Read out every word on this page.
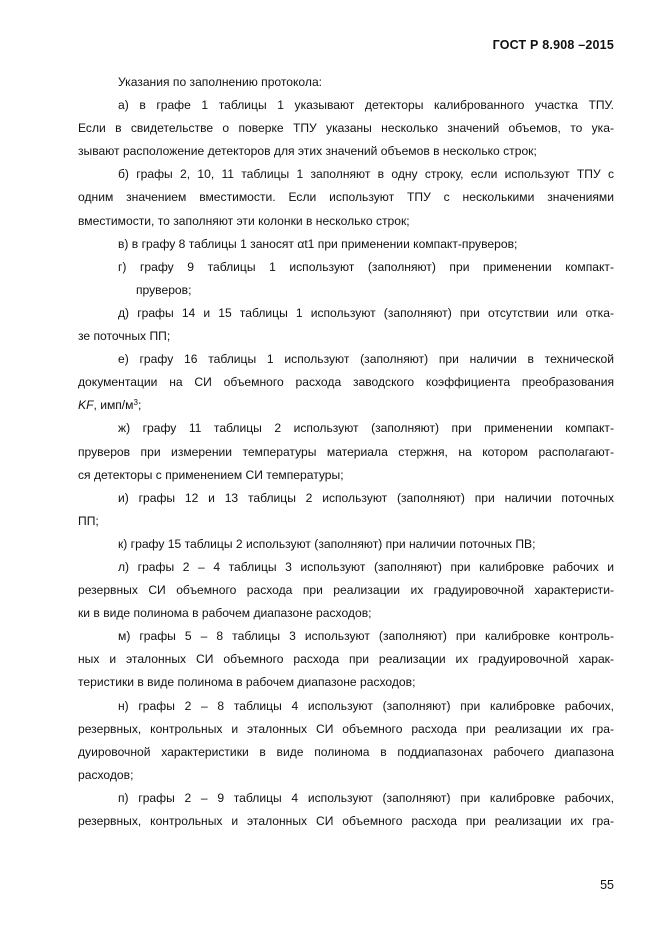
ГОСТ Р 8.908 –2015
Указания по заполнению протокола:
а) в графе 1 таблицы 1 указывают детекторы калиброванного участка ТПУ.
Если в свидетельстве о поверке ТПУ указаны несколько значений объемов, то ука-
зывают расположение детекторов для этих значений объемов в несколько строк;
б) графы 2, 10, 11 таблицы 1 заполняют в одну строку, если используют ТПУ с
одним значением вместимости. Если используют ТПУ с несколькими значениями
вместимости, то заполняют эти колонки в несколько строк;
в) в графу 8 таблицы 1 заносят αt1 при применении компакт-пруверов;
г) графу 9 таблицы 1 используют (заполняют) при применении компакт-
пруверов;
д) графы 14 и 15 таблицы 1 используют (заполняют) при отсутствии или отка-
зе поточных ПП;
е) графу 16 таблицы 1 используют (заполняют) при наличии в технической
документации на СИ объемного расхода заводского коэффициента преобразования
KF, имп/$м^3$;
ж) графу 11 таблицы 2 используют (заполняют) при применении компакт-
пруверов при измерении температуры материала стержня, на котором располагают-
ся детекторы с применением СИ температуры;
и) графы 12 и 13 таблицы 2 используют (заполняют) при наличии поточных
ПП;
к) графу 15 таблицы 2 используют (заполняют) при наличии поточных ПВ;
л) графы 2 – 4 таблицы 3 используют (заполняют) при калибровке рабочих и
резервных СИ объемного расхода при реализации их градуировочной характеристи-
ки в виде полинома в рабочем диапазоне расходов;
м) графы 5 – 8 таблицы 3 используют (заполняют) при калибровке контроль-
ных и эталонных СИ объемного расхода при реализации их градуировочной харак-
теристики в виде полинома в рабочем диапазоне расходов;
н) графы 2 – 8 таблицы 4 используют (заполняют) при калибровке рабочих,
резервных, контрольных и эталонных СИ объемного расхода при реализации их гра-
дуировочной характеристики в виде полинома в поддиапазонах рабочего диапазона
расходов;
п) графы 2 – 9 таблицы 4 используют (заполняют) при калибровке рабочих,
резервных, контрольных и эталонных СИ объемного расхода при реализации их гра-
55
